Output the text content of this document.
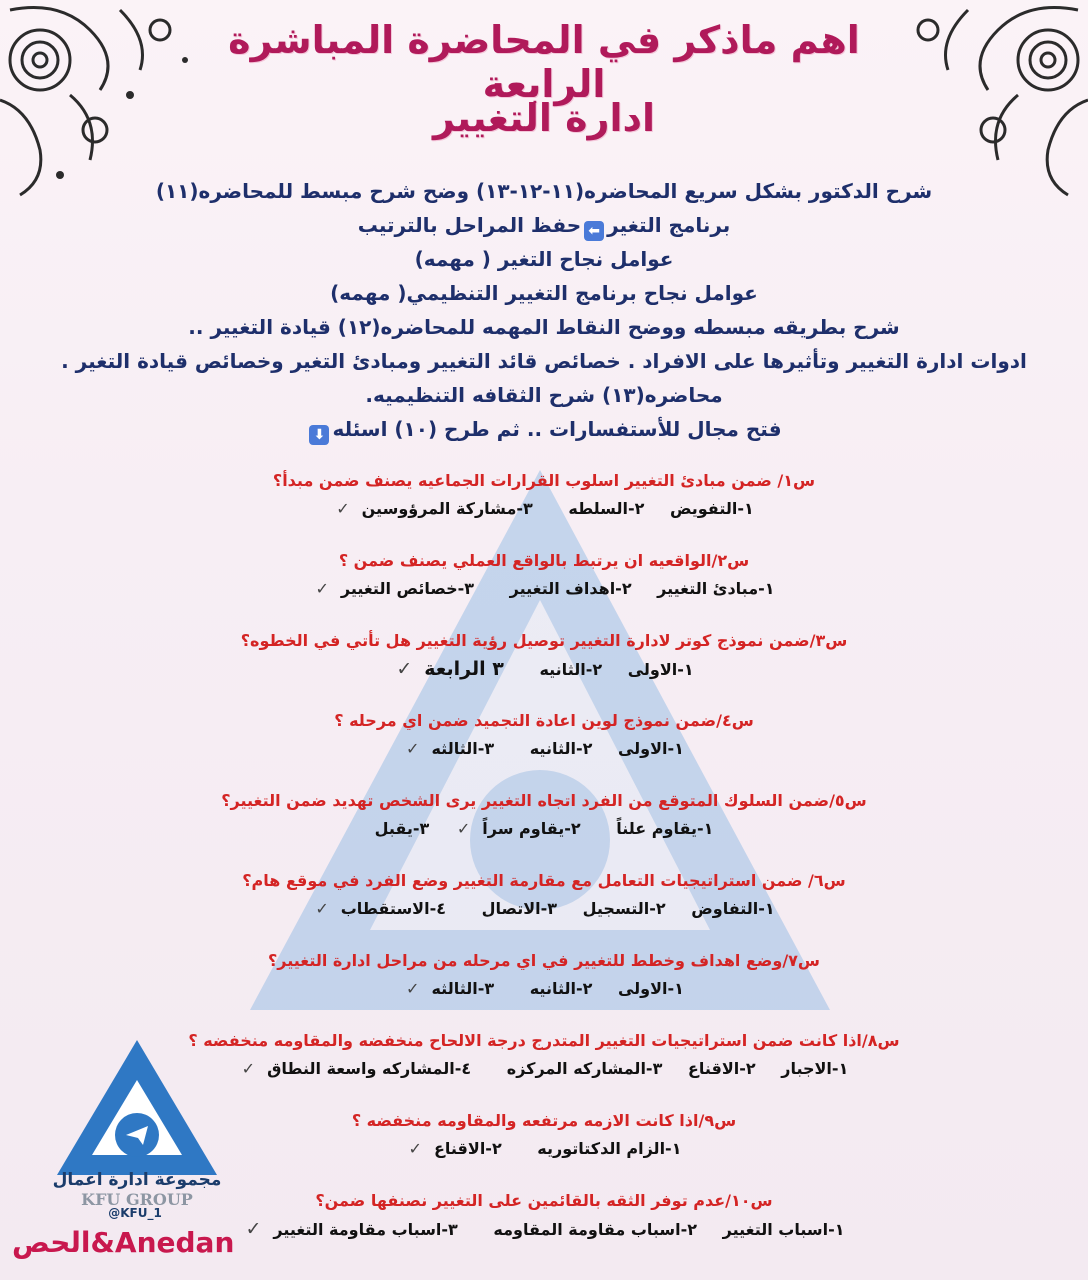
اهم ماذكر في المحاضرة المباشرة الرابعة
ادارة التغيير
شرح الدكتور بشكل سريع المحاضره(١١-١٢-١٣) وضح شرح مبسط للمحاضره(١١)
برنامج التغير⬅حفظ المراحل بالترتيب
عوامل نجاح التغير ( مهمه)
عوامل نجاح برنامج التغيير التنظيمي( مهمه)
شرح بطريقه مبسطه ووضح النقاط المهمه للمحاضره(١٢) قيادة التغيير ..
ادوات ادارة التغيير وتأثيرها على الافراد . خصائص قائد التغيير ومبادئ التغير وخصائص قيادة التغير .
محاضره(١٣) شرح الثقافه التنظيميه.
فتح مجال للأستفسارات .. ثم طرح (١٠) اسئله⬇
س١/ ضمن مبادئ التغيير اسلوب القرارات الجماعيه يصنف ضمن مبدأ؟
١-التفويض ٢-السلطه ٣-مشاركة المرؤوسين✓
س٢/الواقعيه ان يرتبط بالواقع العملي يصنف ضمن ؟
١-مبادئ التغيير ٢-اهداف التغيير ٣-خصائص التغيير✓
س٣/ضمن نموذج كوتر لادارة التغيير توصيل رؤية التغيير هل تأتي في الخطوه؟
١-الاولى ٢-الثانيه ٣ الرابعة✓
س٤/ضمن نموذج لوين اعادة التجميد ضمن اي مرحله ؟
١-الاولى ٢-الثانيه ٣-الثالثه✓
س٥/ضمن السلوك المتوقع من الفرد اتجاه التغيير يرى الشخص تهديد ضمن التغيير؟
١-يقاوم علناً ٢-يقاوم سراً✓ ٣-يقبل
س٦/ ضمن استراتيجيات التعامل مع مقارمة التغيير وضع الفرد في موقع هام؟
١-التفاوض ٢-التسجيل ٣-الاتصال ٤-الاستقطاب✓
س٧/وضع اهداف وخطط للتغيير في اي مرحله من مراحل ادارة التغيير؟
١-الاولى ٢-الثانيه ٣-الثالثه✓
س٨/اذا كانت ضمن استراتيجيات التغيير المتدرج درجة الالحاح منخفضه والمقاومه منخفضه ؟
١-الاجبار ٢-الاقناع ٣-المشاركه المركزه ٤-المشاركه واسعة النطاق✓
س٩/اذا كانت الازمه مرتفعه والمقاومه منخفضه ؟
١-الزام الدكتاتوريه ٢-الاقناع✓
س١٠/عدم توفر الثقه بالقائمين على التغيير نصنفها ضمن؟
١-اسباب التغيير ٢-اسباب مقاومة المقاومه ٣-اسباب مقاومة التغيير✓
مجموعة ادارة اعمال
KFU GROUP
@KFU_1
الحص&Anedan
